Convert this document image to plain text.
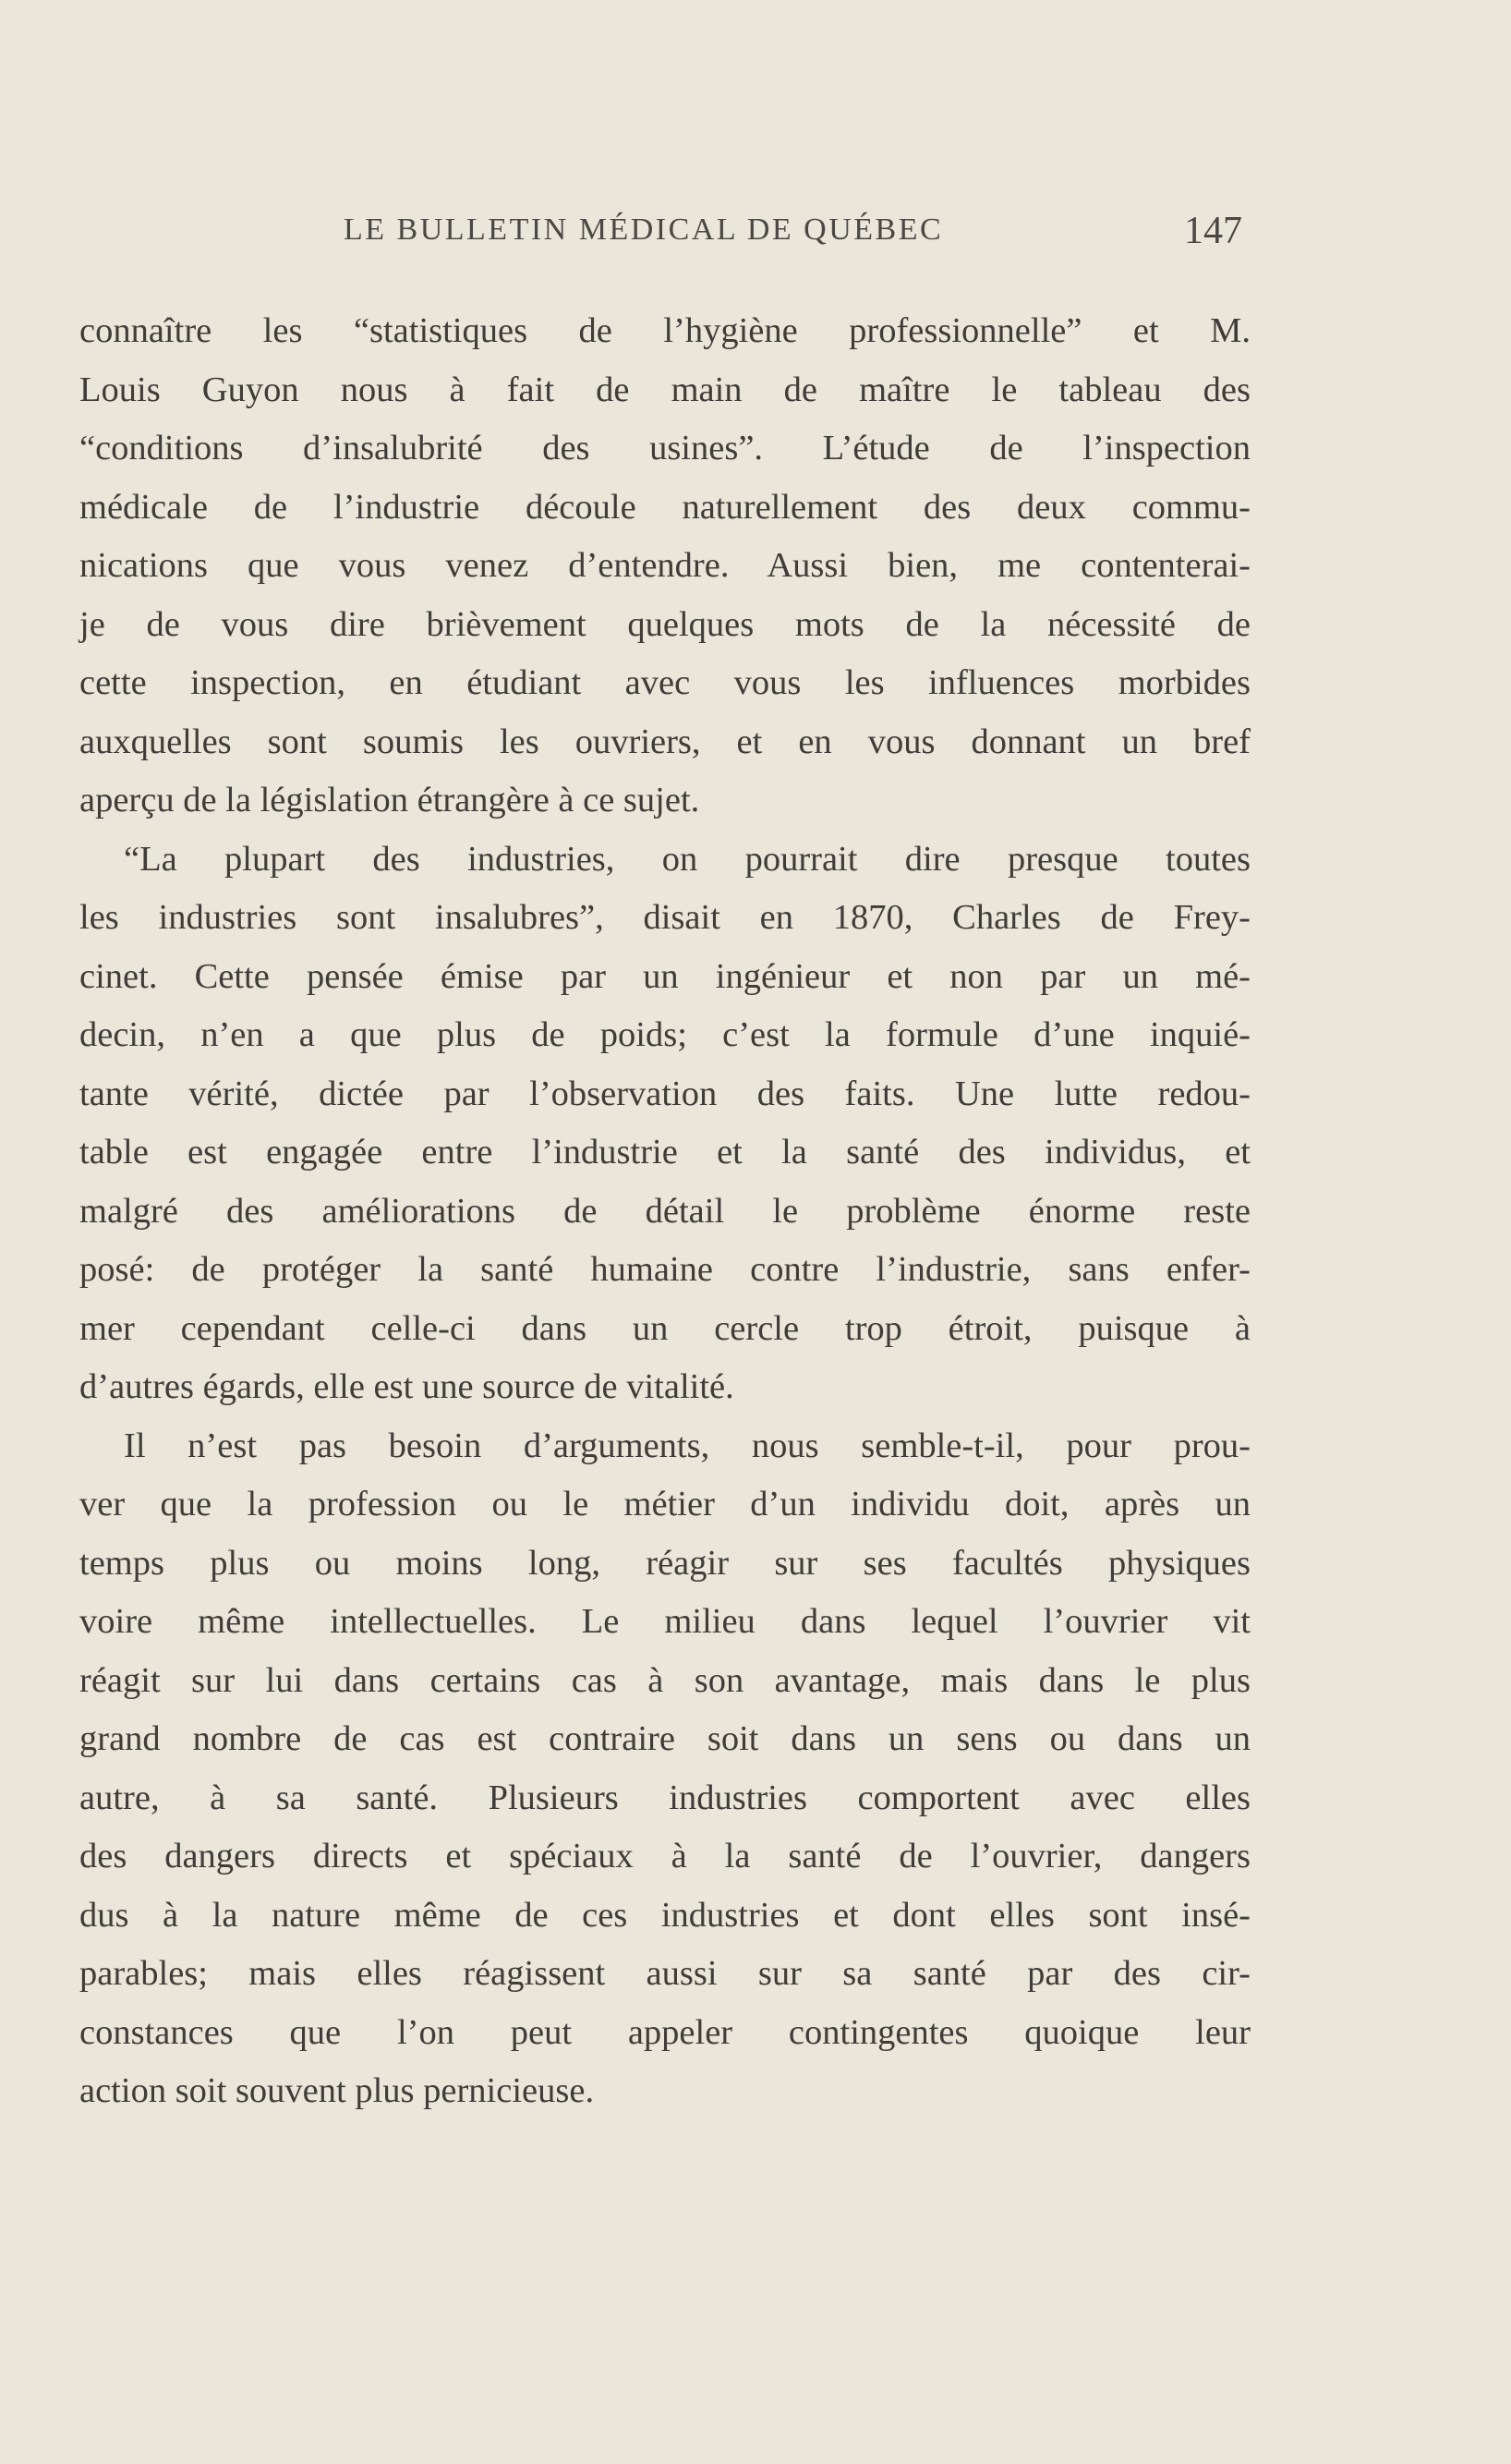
LE BULLETIN MÉDICAL DE QUÉBEC	147
connaître les “statistiques de l’hygiène professionnelle” et M.
Louis Guyon nous à fait de main de maître le tableau des
“conditions d’insalubrité des usines”. L’étude de l’inspection
médicale de l’industrie découle naturellement des deux commu-
nications que vous venez d’entendre. Aussi bien, me contenterai-
je de vous dire brièvement quelques mots de la nécessité de
cette inspection, en étudiant avec vous les influences morbides
auxquelles sont soumis les ouvriers, et en vous donnant un bref
aperçu de la législation étrangère à ce sujet.
“La plupart des industries, on pourrait dire presque toutes
les industries sont insalubres”, disait en 1870, Charles de Frey-
cinet. Cette pensée émise par un ingénieur et non par un mé-
decin, n’en a que plus de poids; c’est la formule d’une inquié-
tante vérité, dictée par l’observation des faits. Une lutte redou-
table est engagée entre l’industrie et la santé des individus, et
malgré des améliorations de détail le problème énorme reste
posé: de protéger la santé humaine contre l’industrie, sans enfer-
mer cependant celle-ci dans un cercle trop étroit, puisque à
d’autres égards, elle est une source de vitalité.
Il n’est pas besoin d’arguments, nous semble-t-il, pour prou-
ver que la profession ou le métier d’un individu doit, après un
temps plus ou moins long, réagir sur ses facultés physiques
voire même intellectuelles. Le milieu dans lequel l’ouvrier vit
réagit sur lui dans certains cas à son avantage, mais dans le plus
grand nombre de cas est contraire soit dans un sens ou dans un
autre, à sa santé. Plusieurs industries comportent avec elles
des dangers directs et spéciaux à la santé de l’ouvrier, dangers
dus à la nature même de ces industries et dont elles sont insé-
parables; mais elles réagissent aussi sur sa santé par des cir-
constances que l’on peut appeler contingentes quoique leur
action soit souvent plus pernicieuse.
